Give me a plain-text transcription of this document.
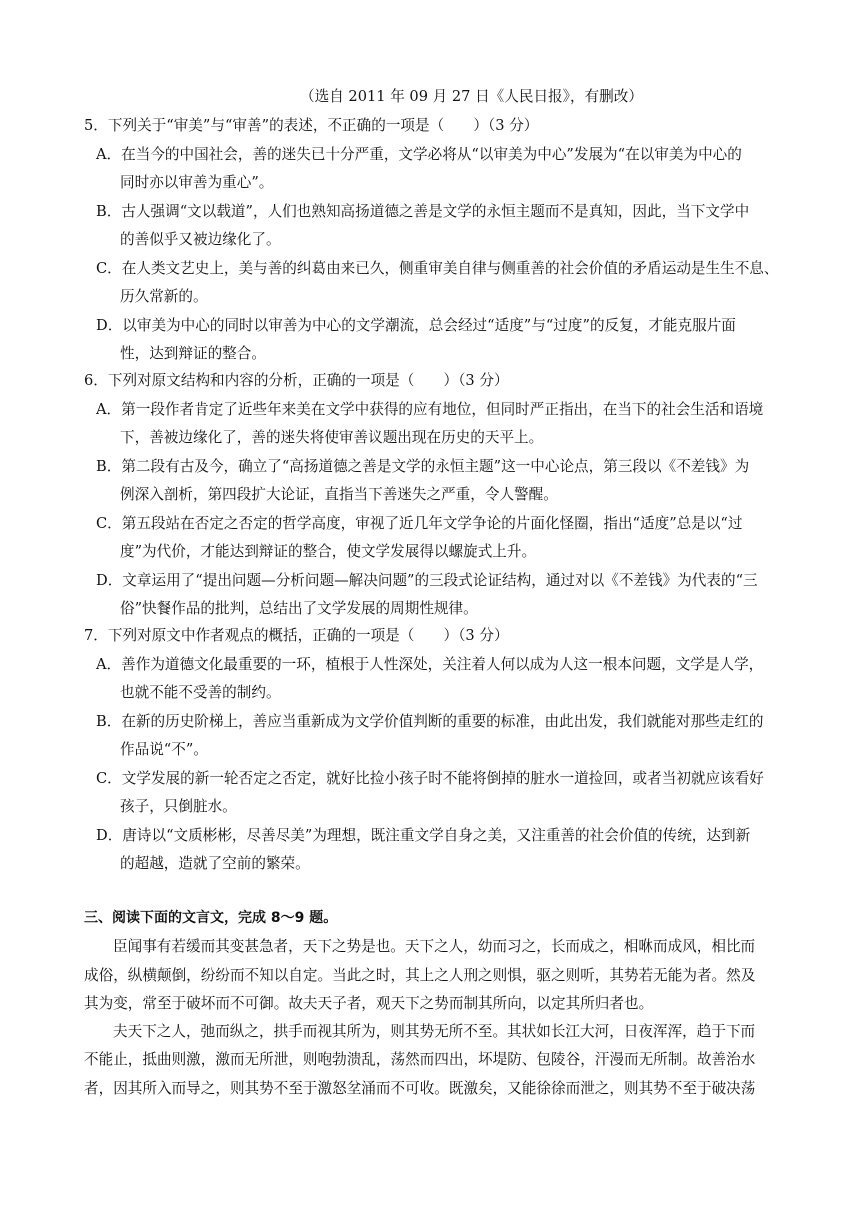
（选自 2011 年 09 月 27 日《人民日报》，有删改）
5．下列关于“审美”与“审善”的表述，不正确的一项是（　　）（3 分）
A．在当今的中国社会，善的迷失已十分严重，文学必将从“以审美为中心”发展为“在以审美为中心的
同时亦以审善为重心”。
B．古人强调“文以载道”，人们也熟知高扬道德之善是文学的永恒主题而不是真知，因此，当下文学中
的善似乎又被边缘化了。
C．在人类文艺史上，美与善的纠葛由来已久，侧重审美自律与侧重善的社会价值的矛盾运动是生生不息、
历久常新的。
D．以审美为中心的同时以审善为中心的文学潮流，总会经过“适度”与“过度”的反复，才能克服片面
性，达到辩证的整合。
6．下列对原文结构和内容的分析，正确的一项是（　　）（3 分）
A．第一段作者肯定了近些年来美在文学中获得的应有地位，但同时严正指出，在当下的社会生活和语境
下，善被边缘化了，善的迷失将使审善议题出现在历史的天平上。
B．第二段有古及今，确立了“高扬道德之善是文学的永恒主题”这一中心论点，第三段以《不差钱》为
例深入剖析，第四段扩大论证，直指当下善迷失之严重，令人警醒。
C．第五段站在否定之否定的哲学高度，审视了近几年文学争论的片面化怪圈，指出“适度”总是以“过
度”为代价，才能达到辩证的整合，使文学发展得以螺旋式上升。
D．文章运用了“提出问题—分析问题—解决问题”的三段式论证结构，通过对以《不差钱》为代表的“三
俗”快餐作品的批判，总结出了文学发展的周期性规律。
7．下列对原文中作者观点的概括，正确的一项是（　　）（3 分）
A．善作为道德文化最重要的一环，植根于人性深处，关注着人何以成为人这一根本问题，文学是人学，
也就不能不受善的制约。
B．在新的历史阶梯上，善应当重新成为文学价值判断的重要的标准，由此出发，我们就能对那些走红的
作品说“不”。
C．文学发展的新一轮否定之否定，就好比捡小孩子时不能将倒掉的脏水一道捡回，或者当初就应该看好
孩子，只倒脏水。
D．唐诗以“文质彬彬，尽善尽美”为理想，既注重文学自身之美，又注重善的社会价值的传统，达到新
的超越，造就了空前的繁荣。
三、阅读下面的文言文，完成 8～9 题。
臣闻事有若缓而其变甚急者，天下之势是也。天下之人，幼而习之，长而成之，相咻而成风，相比而
成俗，纵横颠倒，纷纷而不知以自定。当此之时，其上之人刑之则惧，驱之则听，其势若无能为者。然及
其为变，常至于破坏而不可御。故夫天子者，观天下之势而制其所向，以定其所归者也。
夫天下之人，弛而纵之，拱手而视其所为，则其势无所不至。其状如长江大河，日夜浑浑，趋于下而
不能止，抵曲则激，激而无所泄，则咆勃溃乱，荡然而四出，坏堤防、包陵谷，汗漫而无所制。故善治水
者，因其所入而导之，则其势不至于激怒坌涌而不可收。既激矣，又能徐徐而泄之，则其势不至于破决荡
